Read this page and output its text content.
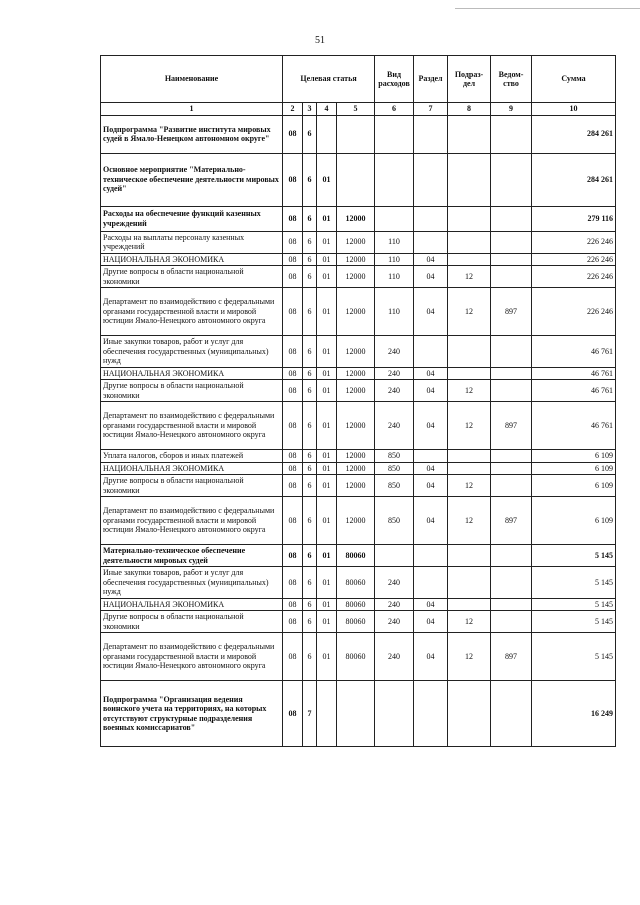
51
Наименование	Целевая статья				Вид расходов	Раздел	Подраз-дел	Ведом-ство	Сумма
1	2	3	4	5	6	7	8	9	10
Подпрограмма "Развитие института мировых судей в Ямало-Ненецком автономном округе"	08	6							284 261
Основное мероприятие "Материально-техническое обеспечение деятельности мировых судей"	08	6	01						284 261
Расходы на обеспечение функций казенных учреждений	08	6	01	12000					279 116
Расходы на выплаты персоналу казенных учреждений	08	6	01	12000	110				226 246
НАЦИОНАЛЬНАЯ ЭКОНОМИКА	08	6	01	12000	110	04			226 246
Другие вопросы в области национальной экономики	08	6	01	12000	110	04	12		226 246
Департамент по взаимодействию с федеральными органами государственной власти и мировой юстиции Ямало-Ненецкого автономного округа	08	6	01	12000	110	04	12	897	226 246
Иные закупки товаров, работ и услуг для обеспечения государственных (муниципальных) нужд	08	6	01	12000	240				46 761
НАЦИОНАЛЬНАЯ ЭКОНОМИКА	08	6	01	12000	240	04			46 761
Другие вопросы в области национальной экономики	08	6	01	12000	240	04	12		46 761
Департамент по взаимодействию с федеральными органами государственной власти и мировой юстиции Ямало-Ненецкого автономного округа	08	6	01	12000	240	04	12	897	46 761
Уплата налогов, сборов и иных платежей	08	6	01	12000	850				6 109
НАЦИОНАЛЬНАЯ ЭКОНОМИКА	08	6	01	12000	850	04			6 109
Другие вопросы в области национальной экономики	08	6	01	12000	850	04	12		6 109
Департамент по взаимодействию с федеральными органами государственной власти и мировой юстиции Ямало-Ненецкого автономного округа	08	6	01	12000	850	04	12	897	6 109
Материально-техническое обеспечение деятельности мировых судей	08	6	01	80060					5 145
Иные закупки товаров, работ и услуг для обеспечения государственных (муниципальных) нужд	08	6	01	80060	240				5 145
НАЦИОНАЛЬНАЯ ЭКОНОМИКА	08	6	01	80060	240	04			5 145
Другие вопросы в области национальной экономики	08	6	01	80060	240	04	12		5 145
Департамент по взаимодействию с федеральными органами государственной власти и мировой юстиции Ямало-Ненецкого автономного округа	08	6	01	80060	240	04	12	897	5 145
Подпрограмма "Организация ведения воинского учета на территориях, на которых отсутствуют структурные подразделения военных комиссариатов"	08	7							16 249
